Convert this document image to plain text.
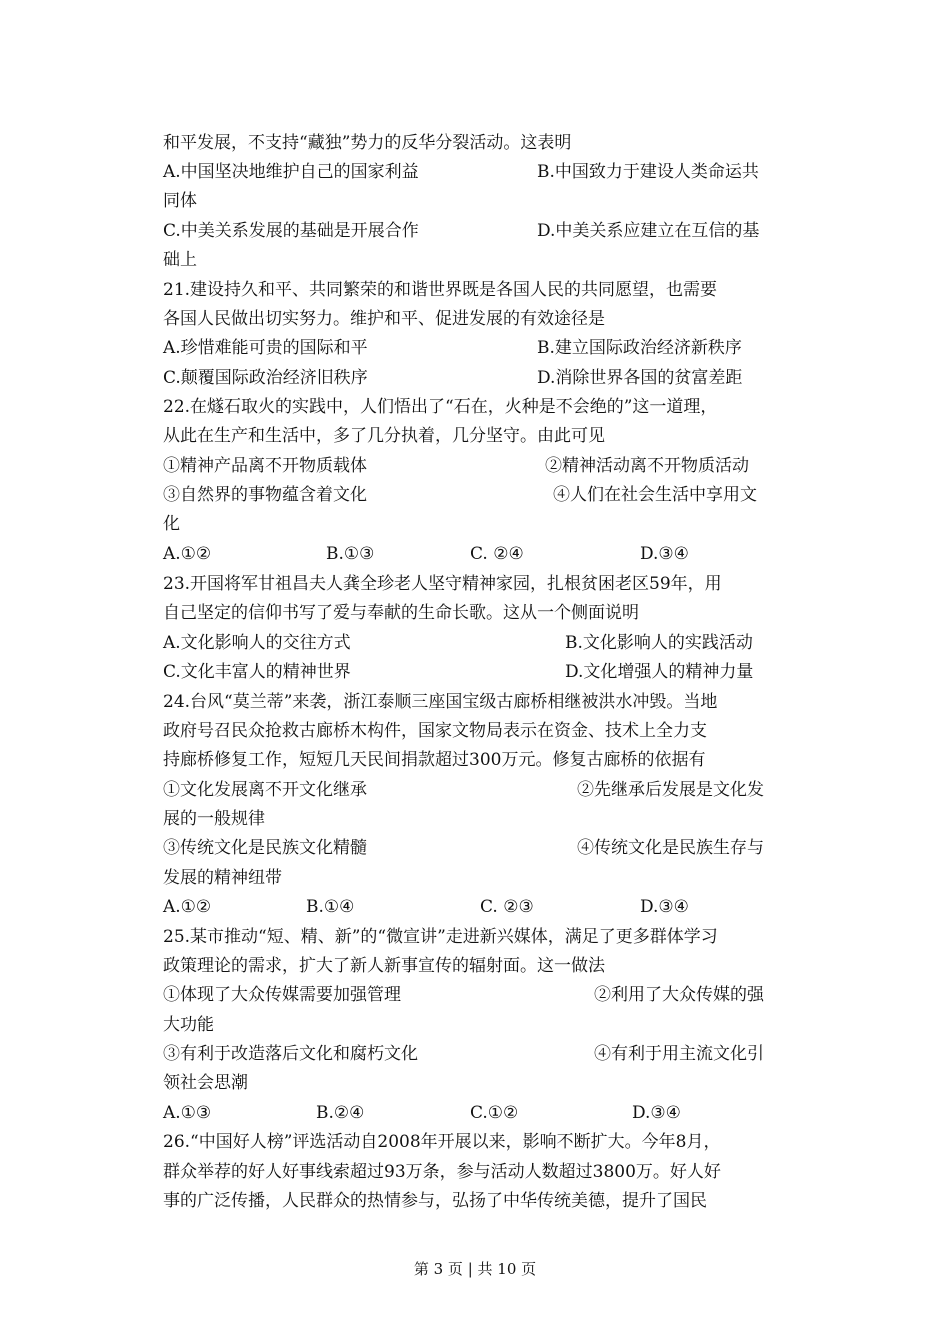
和平发展，不支持“藏独”势力的反华分裂活动。这表明
A.中国坚决地维护自己的国家利益	B.中国致力于建设人类命运共
同体
C.中美关系发展的基础是开展合作	D.中美关系应建立在互信的基
础上
21.建设持久和平、共同繁荣的和谐世界既是各国人民的共同愿望，也需要
各国人民做出切实努力。维护和平、促进发展的有效途径是
A.珍惜难能可贵的国际和平	B.建立国际政治经济新秩序
C.颠覆国际政治经济旧秩序	D.消除世界各国的贫富差距
22.在燧石取火的实践中，人们悟出了“石在，火种是不会绝的”这一道理，
从此在生产和生活中，多了几分执着，几分坚守。由此可见
①精神产品离不开物质载体	②精神活动离不开物质活动
③自然界的事物蕴含着文化	④人们在社会生活中享用文
化
A.①②	B.①③	C. ②④	D.③④
23.开国将军甘祖昌夫人龚全珍老人坚守精神家园，扎根贫困老区59年，用
自己坚定的信仰书写了爱与奉献的生命长歌。这从一个侧面说明
A.文化影响人的交往方式	B.文化影响人的实践活动
C.文化丰富人的精神世界	D.文化增强人的精神力量
24.台风“莫兰蒂”来袭，浙江泰顺三座国宝级古廊桥相继被洪水冲毁。当地
政府号召民众抢救古廊桥木构件，国家文物局表示在资金、技术上全力支
持廊桥修复工作，短短几天民间捐款超过300万元。修复古廊桥的依据有
①文化发展离不开文化继承	②先继承后发展是文化发
展的一般规律
③传统文化是民族文化精髓	④传统文化是民族生存与
发展的精神纽带
A.①②	B.①④	C. ②③	D.③④
25.某市推动“短、精、新”的“微宣讲”走进新兴媒体，满足了更多群体学习
政策理论的需求，扩大了新人新事宣传的辐射面。这一做法
①体现了大众传媒需要加强管理	②利用了大众传媒的强
大功能
③有利于改造落后文化和腐朽文化	④有利于用主流文化引
领社会思潮
A.①③	B.②④	C.①②	D.③④
26.“中国好人榜”评选活动自2008年开展以来，影响不断扩大。今年8月，
群众举荐的好人好事线索超过93万条，参与活动人数超过3800万。好人好
事的广泛传播，人民群众的热情参与，弘扬了中华传统美德，提升了国民
第 3 页 | 共 10 页
